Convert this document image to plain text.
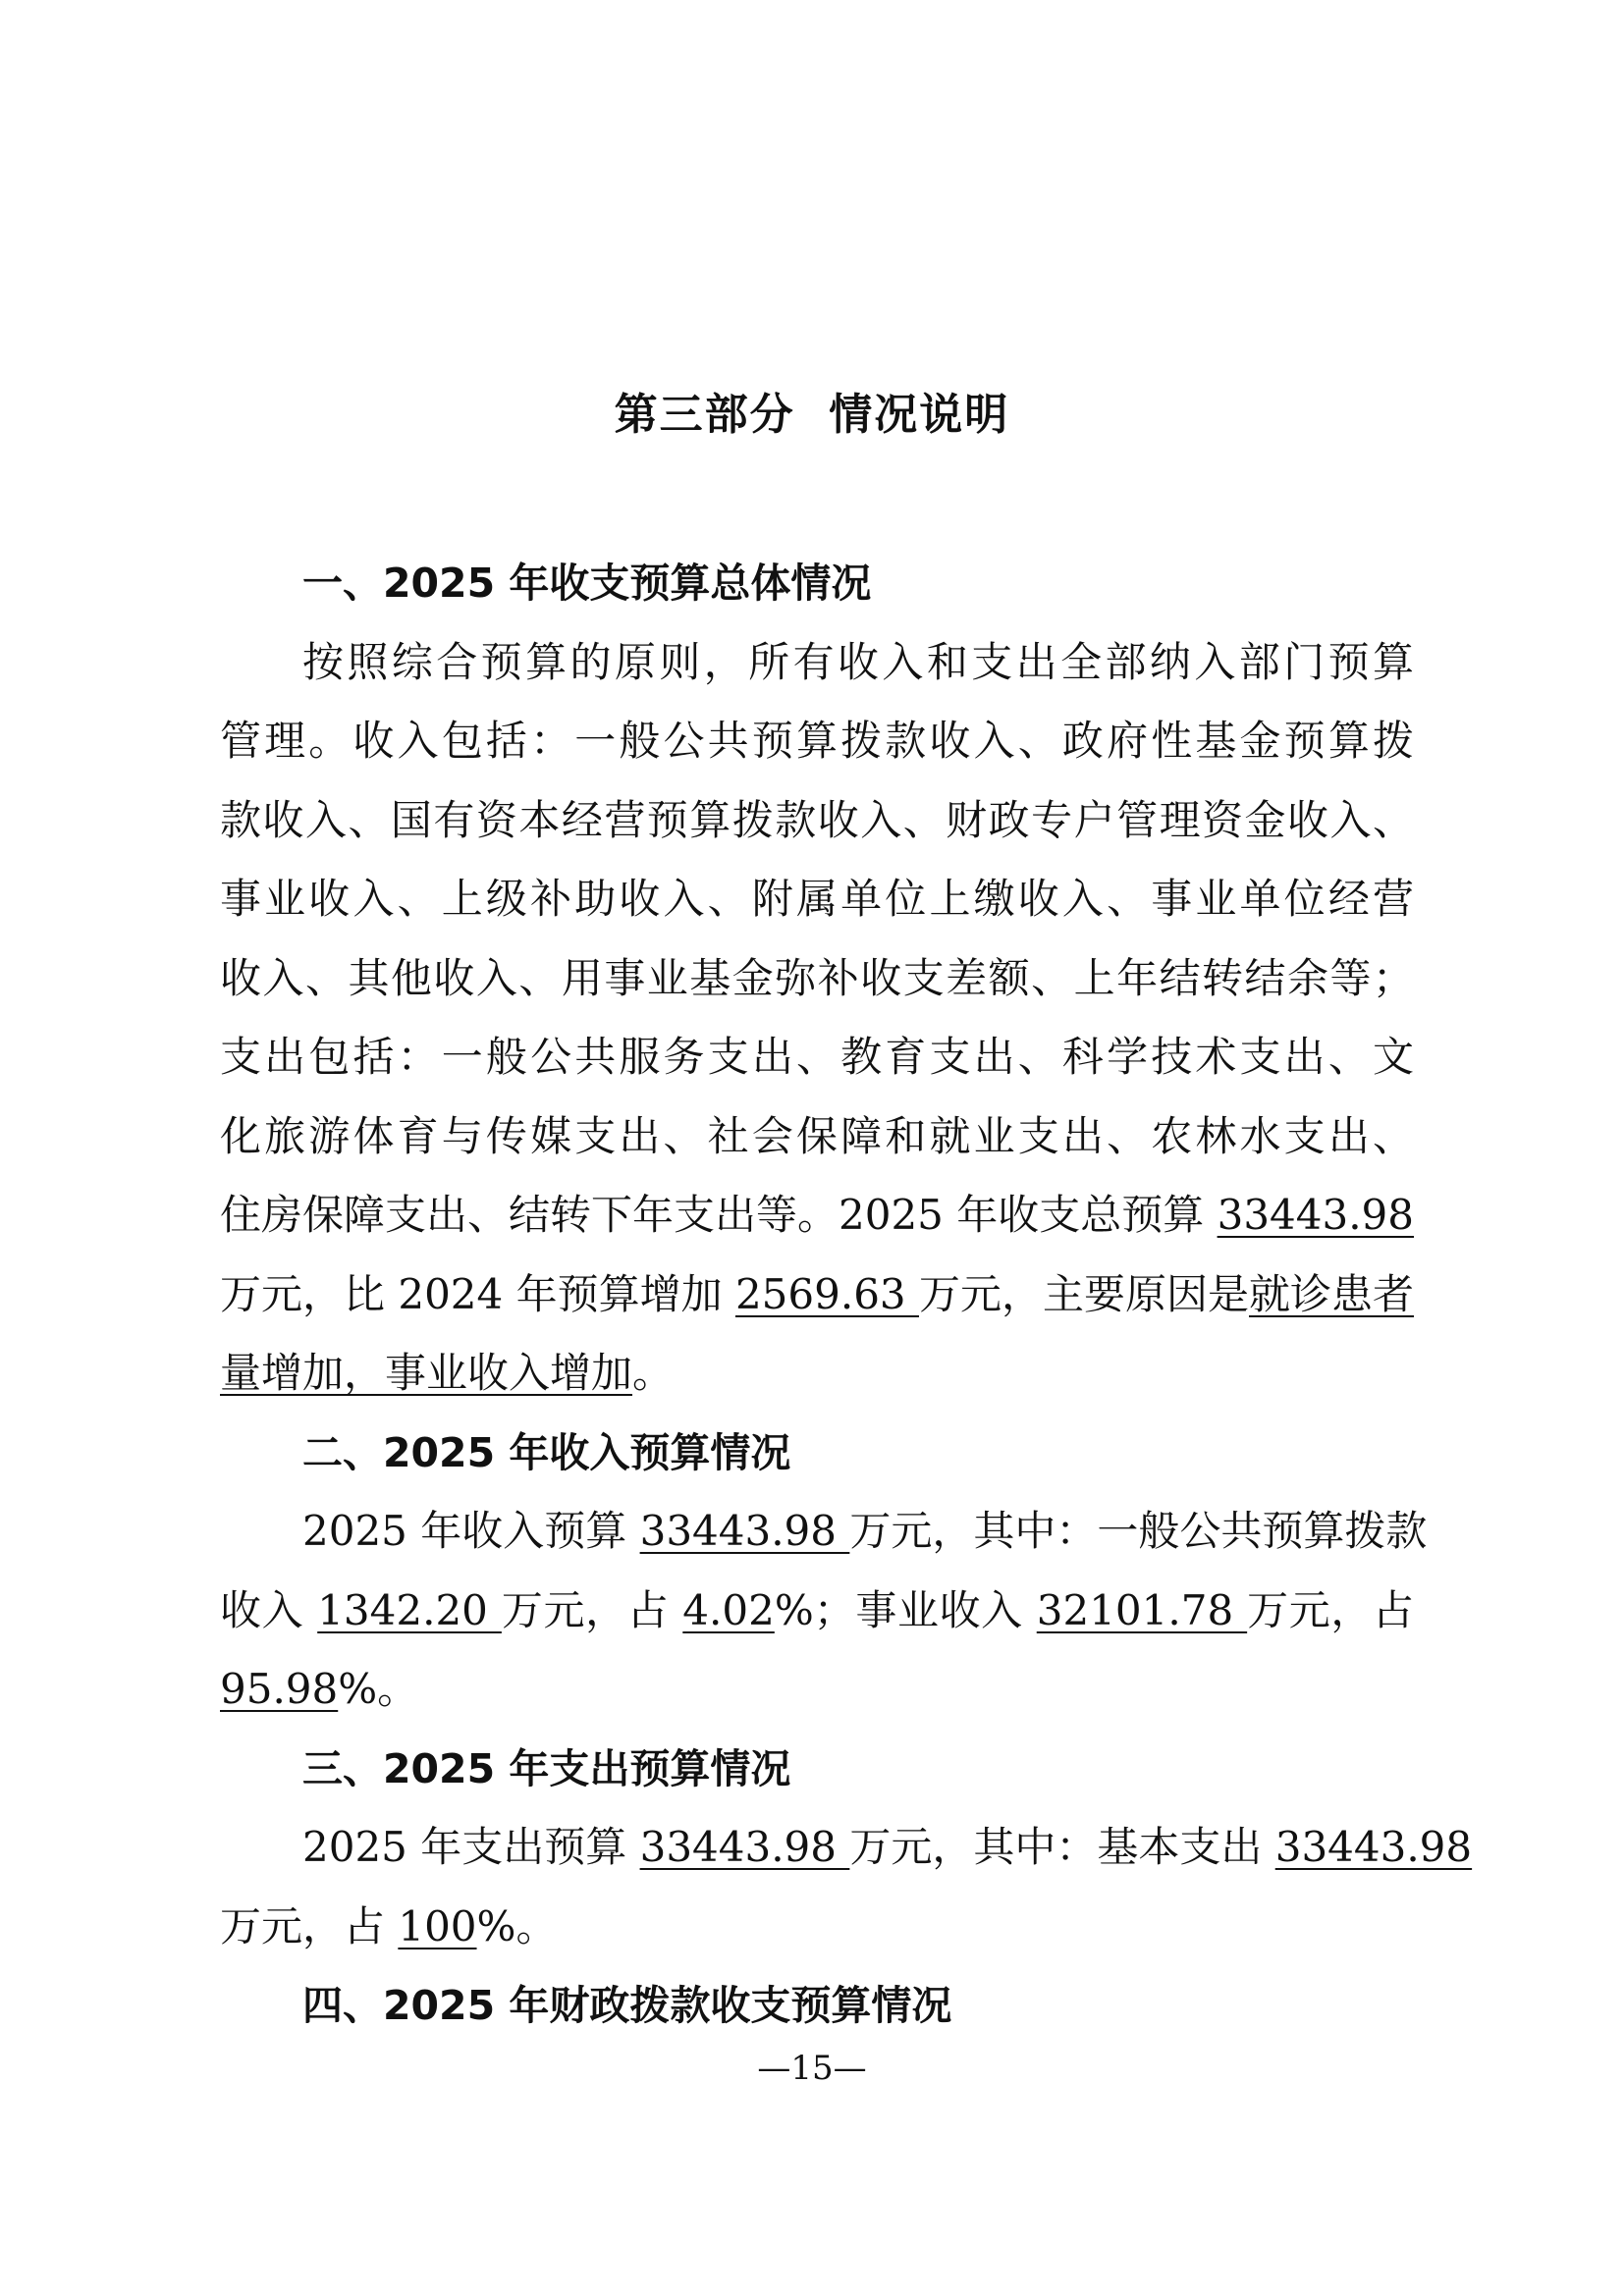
第三部分  情况说明
一、2025 年收支预算总体情况
按照综合预算的原则，所有收入和支出全部纳入部门预算
管理。收入包括：一般公共预算拨款收入、政府性基金预算拨
款收入、国有资本经营预算拨款收入、财政专户管理资金收入、
事业收入、上级补助收入、附属单位上缴收入、事业单位经营
收入、其他收入、用事业基金弥补收支差额、上年结转结余等；
支出包括：一般公共服务支出、教育支出、科学技术支出、文
化旅游体育与传媒支出、社会保障和就业支出、农林水支出、
住房保障支出、结转下年支出等。2025 年收支总预算 33443.98
万元，比 2024 年预算增加 2569.63 万元，主要原因是就诊患者
量增加，事业收入增加。
二、2025 年收入预算情况
2025 年收入预算 33443.98 万元，其中：一般公共预算拨款
收入 1342.20 万元，占 4.02%；事业收入 32101.78 万元，占
95.98%。
三、2025 年支出预算情况
2025 年支出预算 33443.98 万元，其中：基本支出 33443.98
万元，占 100%。
四、2025 年财政拨款收支预算情况
—15—
